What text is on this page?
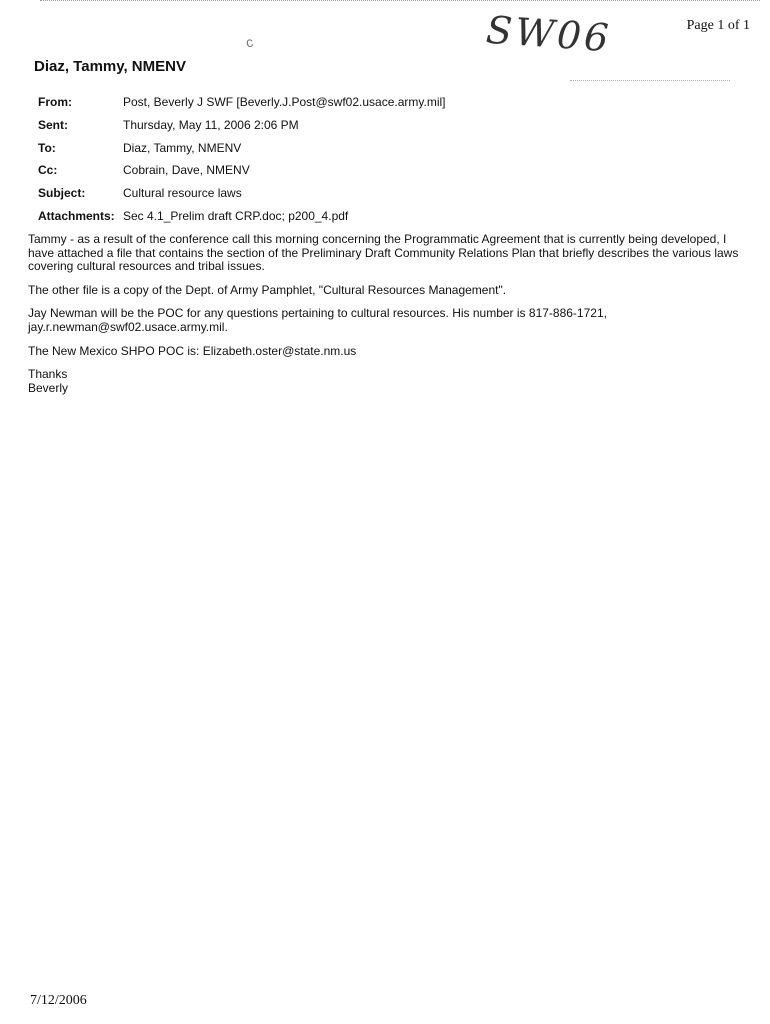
Page 1 of 1
SW06
c
Diaz, Tammy, NMENV
From:	Post, Beverly J SWF [Beverly.J.Post@swf02.usace.army.mil]
Sent:	Thursday, May 11, 2006 2:06 PM
To:	Diaz, Tammy, NMENV
Cc:	Cobrain, Dave, NMENV
Subject:	Cultural resource laws
Attachments:	Sec 4.1_Prelim draft CRP.doc; p200_4.pdf

Tammy - as a result of the conference call this morning concerning the Programmatic Agreement that is currently being developed, I have attached a file that contains the section of the Preliminary Draft Community Relations Plan that briefly describes the various laws covering cultural resources and tribal issues.

The other file is a copy of the Dept. of Army Pamphlet, "Cultural Resources Management".

Jay Newman will be the POC for any questions pertaining to cultural resources. His number is 817-886-1721, jay.r.newman@swf02.usace.army.mil.

The New Mexico SHPO POC is: Elizabeth.oster@state.nm.us

Thanks

Beverly

7/12/2006
